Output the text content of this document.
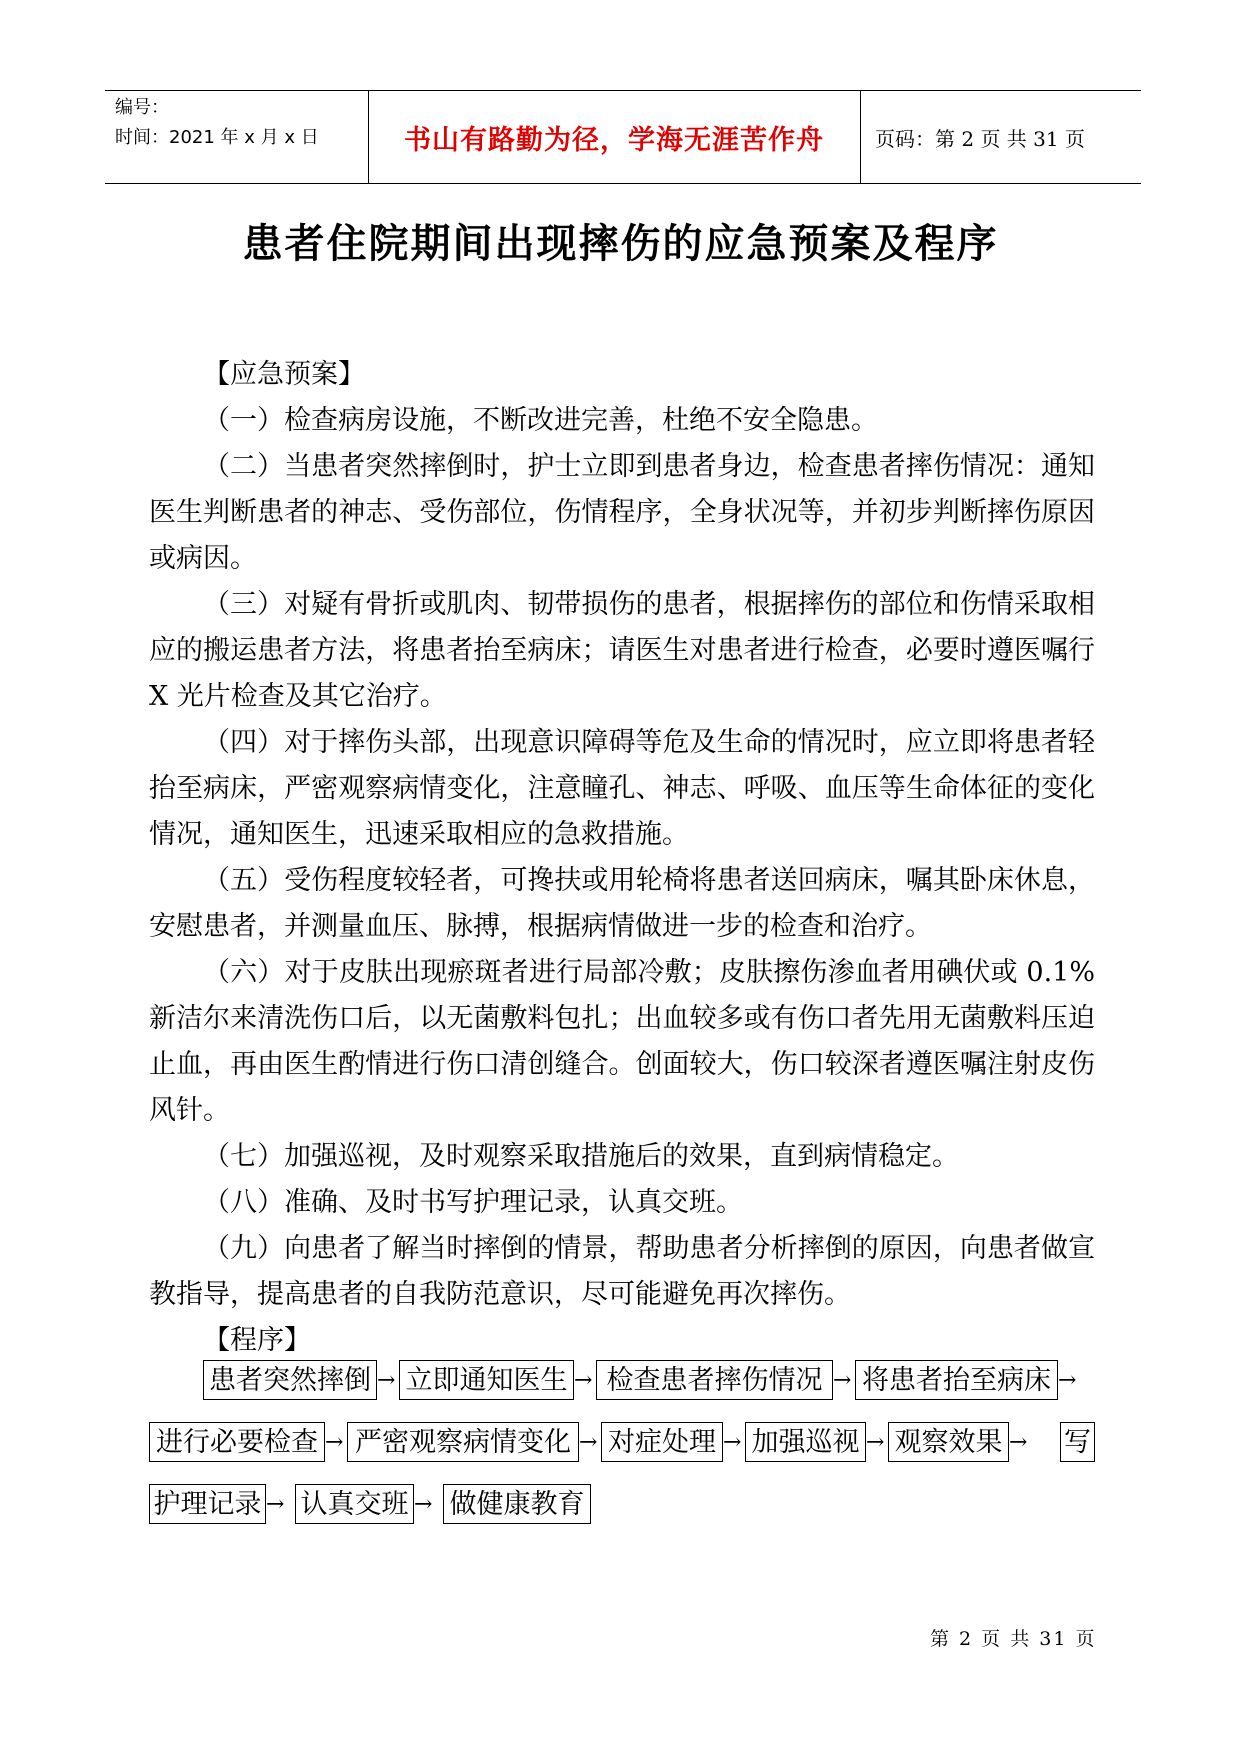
编号：
时间：2021 年 x 月 x 日	书山有路勤为径，学海无涯苦作舟	页码：第 2 页 共 31 页
患者住院期间出现摔伤的应急预案及程序

【应急预案】

（一）检查病房设施，不断改进完善，杜绝不安全隐患。

（二）当患者突然摔倒时，护士立即到患者身边，检查患者摔伤情况：通知医生判断患者的神志、受伤部位，伤情程序，全身状况等，并初步判断摔伤原因或病因。

（三）对疑有骨折或肌肉、韧带损伤的患者，根据摔伤的部位和伤情采取相应的搬运患者方法，将患者抬至病床；请医生对患者进行检查，必要时遵医嘱行 X 光片检查及其它治疗。

（四）对于摔伤头部，出现意识障碍等危及生命的情况时，应立即将患者轻抬至病床，严密观察病情变化，注意瞳孔、神志、呼吸、血压等生命体征的变化情况，通知医生，迅速采取相应的急救措施。

（五）受伤程度较轻者，可搀扶或用轮椅将患者送回病床，嘱其卧床休息，安慰患者，并测量血压、脉搏，根据病情做进一步的检查和治疗。

（六）对于皮肤出现瘀斑者进行局部冷敷；皮肤擦伤渗血者用碘伏或 0.1%新洁尔来清洗伤口后，以无菌敷料包扎；出血较多或有伤口者先用无菌敷料压迫止血，再由医生酌情进行伤口清创缝合。创面较大，伤口较深者遵医嘱注射皮伤风针。

（七）加强巡视，及时观察采取措施后的效果，直到病情稳定。

（八）准确、及时书写护理记录，认真交班。

（九）向患者了解当时摔倒的情景，帮助患者分析摔倒的原因，向患者做宣教指导，提高患者的自我防范意识，尽可能避免再次摔伤。

【程序】

患者突然摔倒 → 立即通知医生 → 检查患者摔伤情况 → 将患者抬至病床 →
进行必要检查 → 严密观察病情变化 → 对症处理 → 加强巡视 → 观察效果 → 写
护理记录 → 认真交班 → 做健康教育
第 2 页 共 31 页
